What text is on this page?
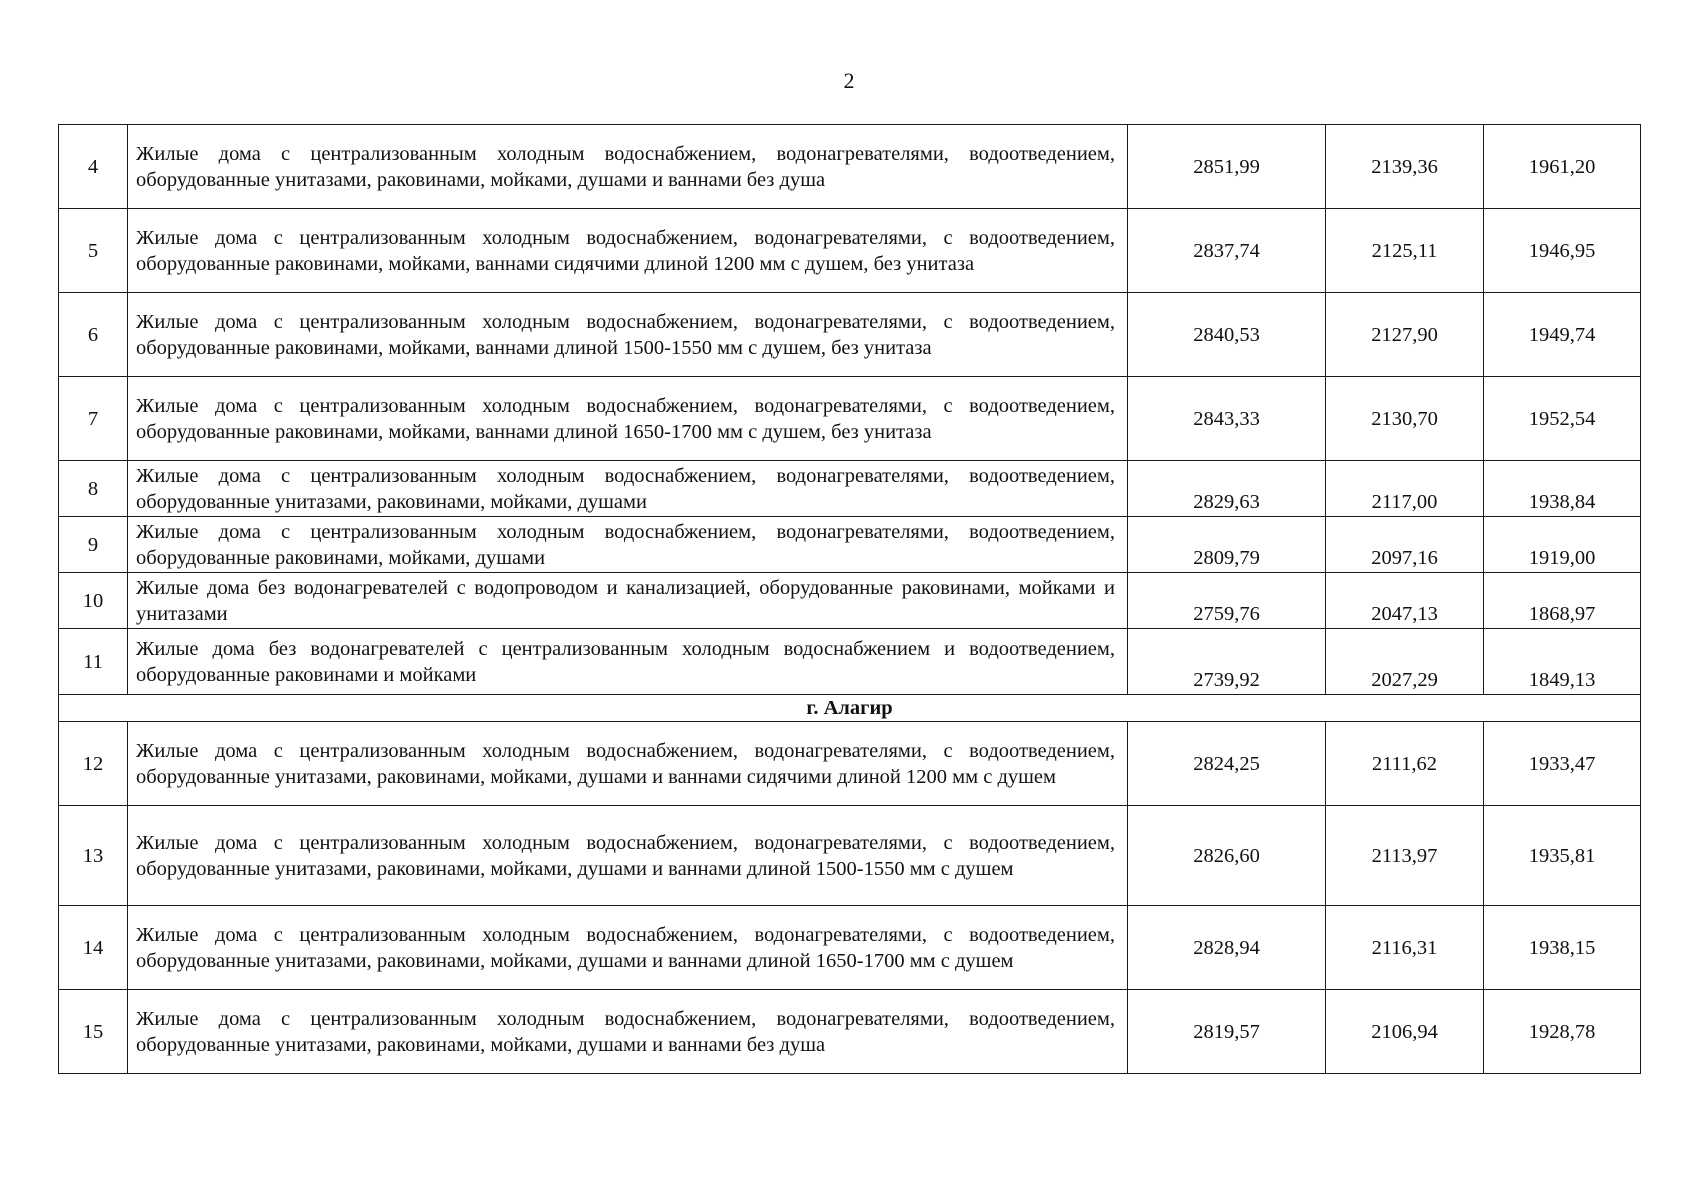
2
4	Жилые дома с централизованным холодным водоснабжением, водонагревателями, водоотведением, оборудованные унитазами, раковинами, мойками, душами и ваннами без душа	2851,99	2139,36	1961,20
5	Жилые дома с централизованным холодным водоснабжением, водонагревателями, с водоотведением, оборудованные раковинами, мойками, ваннами сидячими длиной 1200 мм с душем, без унитаза	2837,74	2125,11	1946,95
6	Жилые дома с централизованным холодным водоснабжением, водонагревателями, с водоотведением, оборудованные раковинами, мойками, ваннами длиной 1500-1550 мм с душем, без унитаза	2840,53	2127,90	1949,74
7	Жилые дома с централизованным холодным водоснабжением, водонагревателями, с водоотведением, оборудованные раковинами, мойками, ваннами длиной 1650-1700 мм с душем, без унитаза	2843,33	2130,70	1952,54
8	Жилые дома с централизованным холодным водоснабжением, водонагревателями, водоотведением, оборудованные унитазами, раковинами, мойками, душами	2829,63	2117,00	1938,84
9	Жилые дома с централизованным холодным водоснабжением, водонагревателями, водоотведением, оборудованные раковинами, мойками, душами	2809,79	2097,16	1919,00
10	Жилые дома без водонагревателей с водопроводом и канализацией, оборудованные раковинами, мойками и унитазами	2759,76	2047,13	1868,97
11	Жилые дома без водонагревателей с централизованным холодным водоснабжением и водоотведением, оборудованные раковинами и мойками	2739,92	2027,29	1849,13
г. Алагир				
12	Жилые дома с централизованным холодным водоснабжением, водонагревателями, с водоотведением, оборудованные унитазами, раковинами, мойками, душами и ваннами сидячими длиной 1200 мм с душем	2824,25	2111,62	1933,47
13	Жилые дома с централизованным холодным водоснабжением, водонагревателями, с водоотведением, оборудованные унитазами, раковинами, мойками, душами и ваннами длиной 1500-1550 мм с душем	2826,60	2113,97	1935,81
14	Жилые дома с централизованным холодным водоснабжением, водонагревателями, с водоотведением, оборудованные унитазами, раковинами, мойками, душами и ваннами длиной 1650-1700 мм с душем	2828,94	2116,31	1938,15
15	Жилые дома с централизованным холодным водоснабжением, водонагревателями, водоотведением, оборудованные унитазами, раковинами, мойками, душами и ваннами без душа	2819,57	2106,94	1928,78
